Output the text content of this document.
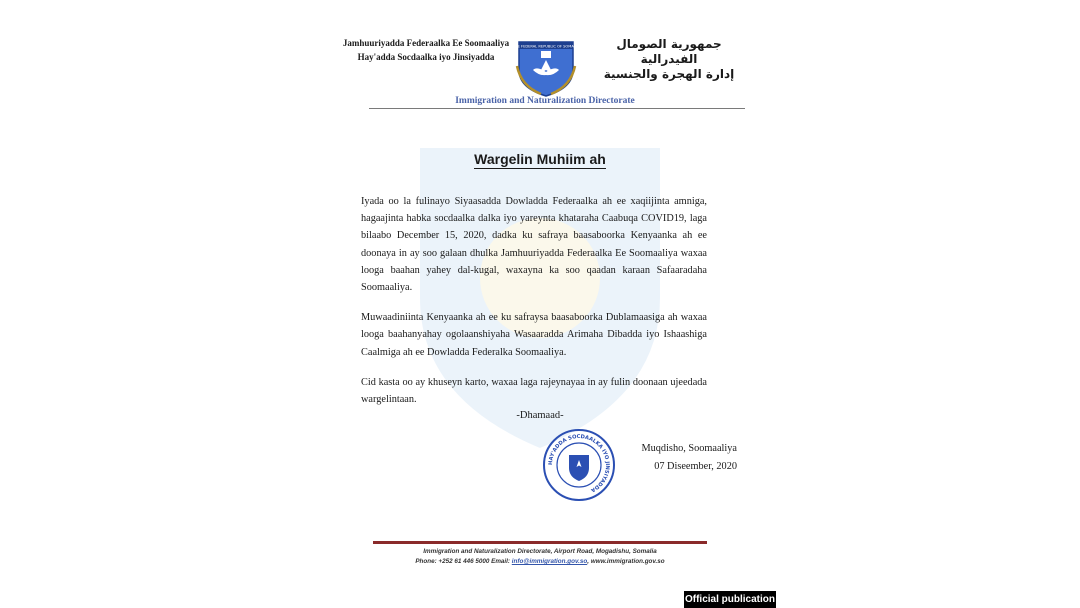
Jamhuuriyadda Federaalka Ee Soomaaliya
Hay'adda Socdaalka iyo Jinsiyadda
THE FEDERAL REPUBLIC OF SOMALIA	جمهورية الصومال الفيدرالية
إدارة الهجرة والجنسية
Immigration and Naturalization Directorate
Wargelin Muhiim ah

Iyada oo la fulinayo Siyaasadda Dowladda Federaalka ah ee xaqiijinta amniga, hagaajinta habka socdaalka dalka iyo yareynta khataraha Caabuqa COVID19, laga bilaabo December 15, 2020, dadka ku safraya baasaboorka Kenyaanka ah ee doonaya in ay soo galaan dhulka Jamhuuriyadda Federaalka Ee Soomaaliya waxaa looga baahan yahey dal-kugal, waxayna ka soo qaadan karaan Safaaradaha Soomaaliya.

Muwaadiniinta Kenyaanka ah ee ku safraysa baasaboorka Dublamaasiga ah waxaa looga baahanyahay ogolaanshiyaha Wasaaradda Arimaha Dibadda iyo Ishaashiga Caalmiga ah ee Dowladda Federalka Soomaaliya.

Cid kasta oo ay khuseyn karto, waxaa laga rajeynayaa in ay fulin doonaan ujeedada wargelintaan.

-Dhamaad-
HAY'ADDA SOCDAALKA IYO JINSIYADDA
Muqdisho, Soomaaliya
07 Diseember, 2020
Immigration and Naturalization Directorate, Airport Road, Mogadishu, Somalia
Phone: +252 61 446 5000 Email: info@immigration.gov.so, www.immigration.gov.so
Official publication
